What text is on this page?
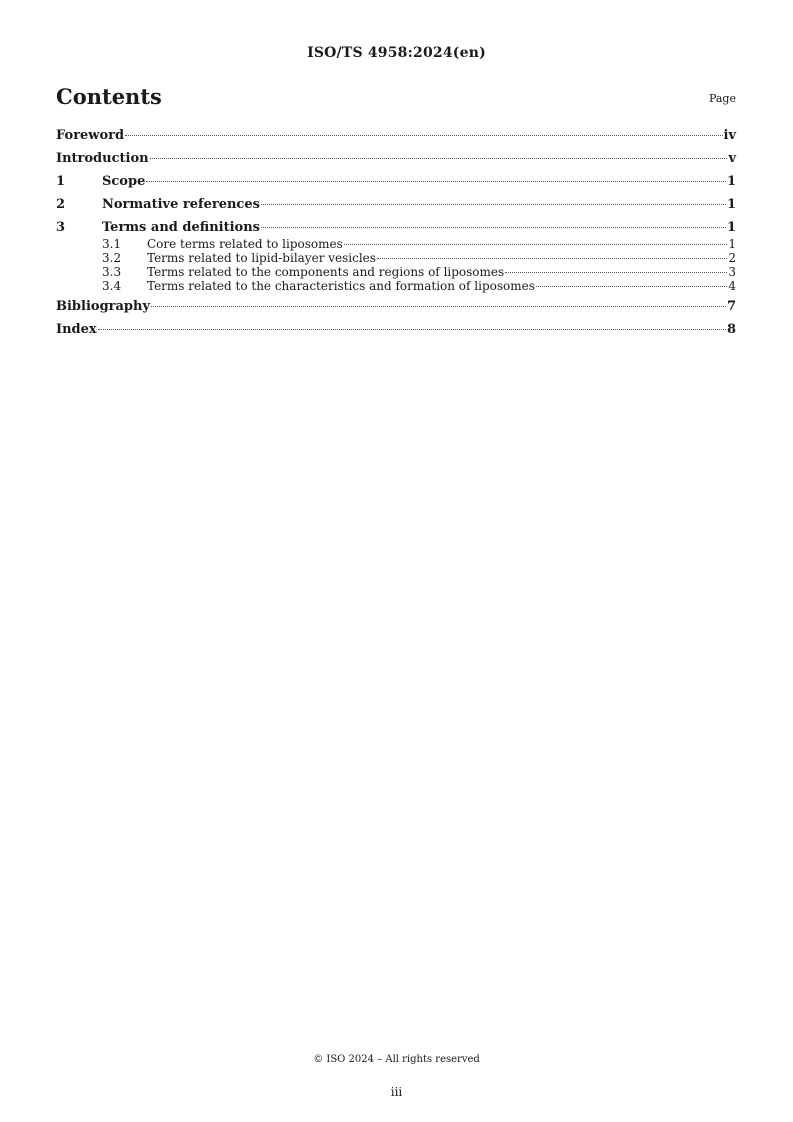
ISO/TS 4958:2024(en)
Contents	Page
Foreword	iv
Introduction	v
1	Scope	1
2	Normative references	1
3	Terms and definitions	1
3.1	Core terms related to liposomes	1
3.2	Terms related to lipid-bilayer vesicles	2
3.3	Terms related to the components and regions of liposomes	3
3.4	Terms related to the characteristics and formation of liposomes	4
Bibliography	7
Index	8
© ISO 2024 – All rights reserved
iii
